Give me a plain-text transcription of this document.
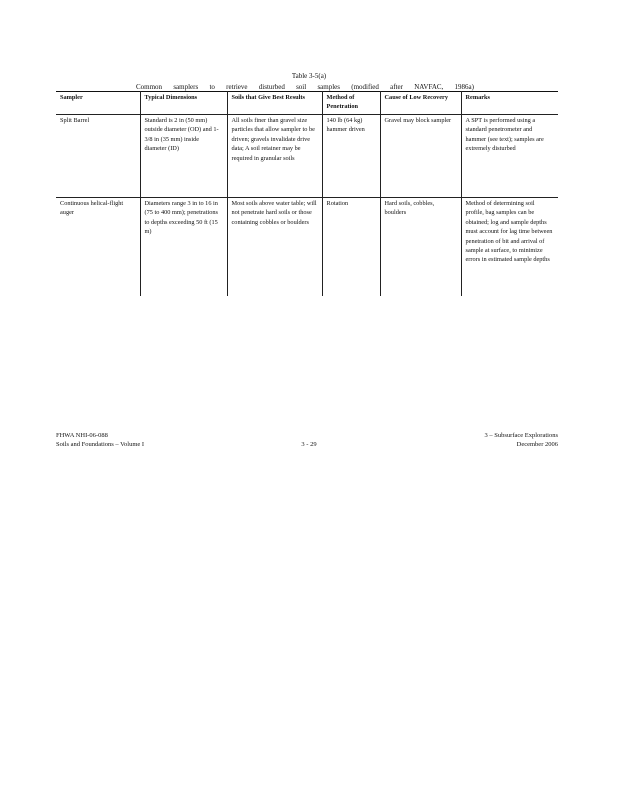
Table 3-5(a)
Common samplers to retrieve disturbed soil samples (modified after NAVFAC, 1986a)
Sampler	Typical Dimensions	Soils that Give Best Results	Method of Penetration	Cause of Low Recovery	Remarks
Split Barrel	Standard is 2 in (50 mm) outside diameter (OD) and 1-3/8 in (35 mm) inside diameter (ID)	All soils finer than gravel size particles that allow sampler to be driven; gravels invalidate drive data; A soil retainer may be required in granular soils	140 lb (64 kg) hammer driven	Gravel may block sampler	A SPT is performed using a standard penetrometer and hammer (see text); samples are extremely disturbed
Continuous helical-flight auger	Diameters range 3 in to 16 in (75 to 400 mm); penetrations to depths exceeding 50 ft (15 m)	Most soils above water table; will not penetrate hard soils or those containing cobbles or boulders	Rotation	Hard soils, cobbles, boulders	Method of determining soil profile, bag samples can be obtained; log and sample depths must account for lag time between penetration of bit and arrival of sample at surface, to minimize errors in estimated sample depths
FHWA NHI-06-088
Soils and Foundations – Volume I	3 - 29
3 – Subsurface Explorations
December 2006
